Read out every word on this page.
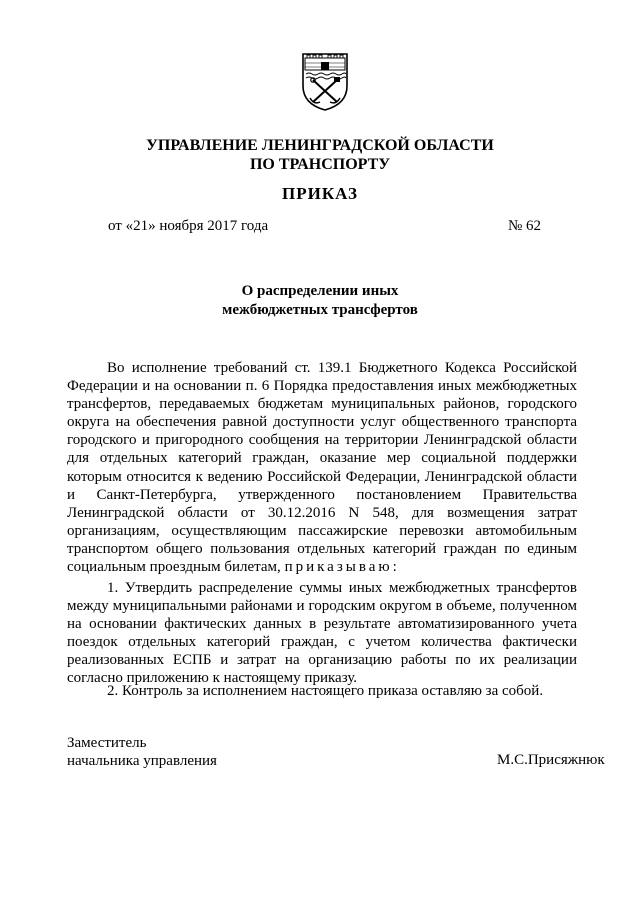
УПРАВЛЕНИЕ ЛЕНИНГРАДСКОЙ ОБЛАСТИ
ПО ТРАНСПОРТУ
ПРИКАЗ
от «21» ноября 2017 года	№ 62
О распределении иных
межбюджетных трансфертов
Во исполнение требований ст. 139.1 Бюджетного Кодекса Российской Федерации и на основании п. 6 Порядка предоставления иных межбюджетных трансфертов, передаваемых бюджетам муниципальных районов, городского округа на обеспечения равной доступности услуг общественного транспорта городского и пригородного сообщения на территории Ленинградской области для отдельных категорий граждан, оказание мер социальной поддержки которым относится к ведению Российской Федерации, Ленинградской области и Санкт-Петербурга, утвержденного постановлением Правительства Ленинградской области от 30.12.2016 N 548, для возмещения затрат организациям, осуществляющим пассажирские перевозки автомобильным транспортом общего пользования отдельных категорий граждан по единым социальным проездным билетам, приказываю:
1. Утвердить распределение суммы иных межбюджетных трансфертов между муниципальными районами и городским округом в объеме, полученном на основании фактических данных в результате автоматизированного учета поездок отдельных категорий граждан, с учетом количества фактически реализованных ЕСПБ и затрат на организацию работы по их реализации согласно приложению к настоящему приказу.
2. Контроль за исполнением настоящего приказа оставляю за собой.
Заместитель
начальника управления	М.С.Присяжнюк
